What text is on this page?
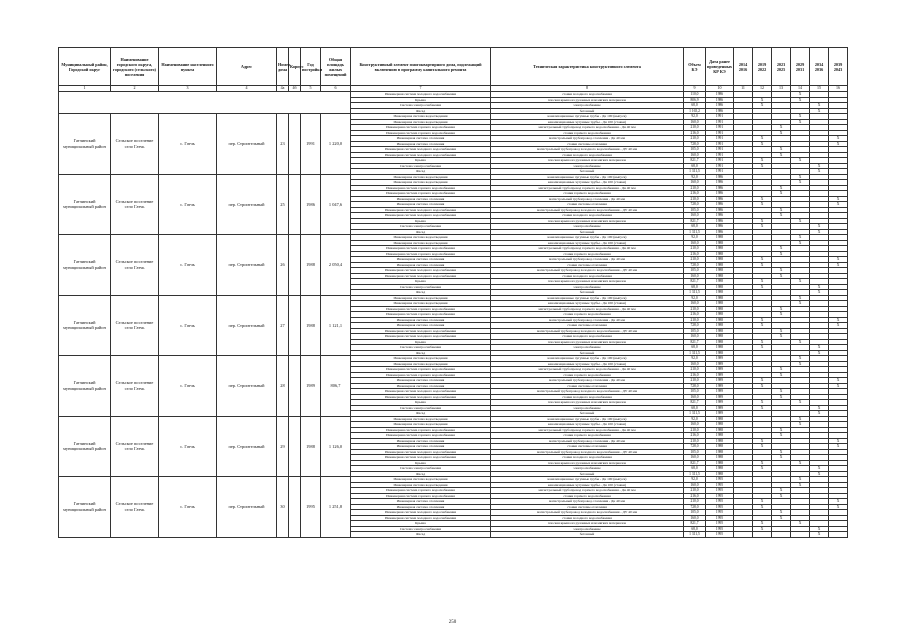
Муниципальный район, Городской округ	Наименование городского округа, городского (сельского) поселения	Наименование населенного пункта	Адрес	Номер дома	Корпус	Год постройки	Общая площадь жилых помещений	Конструктивный элемент многоквартирного дома, подлежащий включению в программу капитального ремонта	Техническая характеристика конструктивного элемента	Объем КЭ	Дата ранее проведенных КР КЭ	2014 2016	2019 2022	2023 2025	2029 2031	2034 2036	2039 2043
1	2	3	4	4а	4б	5	6	7	8	9	10	11	12	13	14	15	16
								Инженерная система холодного водоснабжения	стояки холодного водоснабжения	110,0	1986				X		
								Крыша	плоская крыша из рулонных или мягких материалов	806,9	1986		X		X		
								Система электроснабжения	электроснабжение	68,0	1986		X			X	
								Фасад	бетонный	1 165,2	1986					X	
Гатчинский муниципальный район	Сельское поселение село Гатчь	с. Гатчь	пер. Строительный	23		1991	1 220,0	Инженерная система водоотведения	канализационные чугунные трубы - Дн 100 (выпуск)	92,0	1991				X		
								Инженерная система водоотведения	канализационные чугунные трубы - Дн 100 (стояки)	160,0	1991				X		
								Инженерная система горячего водоснабжения	магистральный трубопровод горячего водоснабжения - Дн 40 мм	210,0	1991			X			
								Инженерная система горячего водоснабжения	стояки горячего водоснабжения	216,0	1991			X			
								Инженерная система отопления	магистральный трубопровод отопления - Дн 40 мм	210,0	1991		X				X
								Инженерная система отопления	стояки системы отопления	728,0	1991		X				X
								Инженерная система холодного водоснабжения	магистральный трубопровод холодного водоснабжения - ДУ 40 мм	105,0	1991			X			
								Инженерная система холодного водоснабжения	стояки холодного водоснабжения	160,0	1991			X			
								Крыша	плоская крыша из рулонных или мягких материалов	821,7	1991		X		X		
								Система электроснабжения	электроснабжение	68,0	1991		X			X	
								Фасад	бетонный	1 311,5	1991					X	
Гатчинский муниципальный район	Сельское поселение село Гатчь	с. Гатчь	пер. Строительный	25		1986	1 047,6	Инженерная система водоотведения	канализационные чугунные трубы - Дн 100 (выпуск)	92,0	1986				X		
								Инженерная система водоотведения	канализационные чугунные трубы - Дн 100 (стояки)	160,0	1986				X		
								Инженерная система горячего водоснабжения	магистральный трубопровод горячего водоснабжения - Дн 40 мм	210,0	1986			X			
								Инженерная система горячего водоснабжения	стояки горячего водоснабжения	216,0	1986			X			
								Инженерная система отопления	магистральный трубопровод отопления - Дн 40 мм	210,0	1986		X				X
								Инженерная система отопления	стояки системы отопления	728,0	1986		X				X
								Инженерная система холодного водоснабжения	магистральный трубопровод холодного водоснабжения - ДУ 40 мм	105,0	1986			X			
								Инженерная система холодного водоснабжения	стояки холодного водоснабжения	160,0	1986			X			
								Крыша	плоская крыша из рулонных или мягких материалов	821,7	1986		X		X		
								Система электроснабжения	электроснабжение	68,0	1986		X			X	
								Фасад	бетонный	1 311,5	1986					X	
Гатчинский муниципальный район	Сельское поселение село Гатчь	с. Гатчь	пер. Строительный	26		1988	2 050,4	Инженерная система водоотведения	канализационные чугунные трубы - Дн 100 (выпуск)	92,0	1988				X		
								Инженерная система водоотведения	канализационные чугунные трубы - Дн 100 (стояки)	160,0	1988				X		
								Инженерная система горячего водоснабжения	магистральный трубопровод горячего водоснабжения - Дн 40 мм	210,0	1988			X			
								Инженерная система горячего водоснабжения	стояки горячего водоснабжения	216,0	1988			X			
								Инженерная система отопления	магистральный трубопровод отопления - Дн 40 мм	210,0	1988		X				X
								Инженерная система отопления	стояки системы отопления	728,0	1988		X				X
								Инженерная система холодного водоснабжения	магистральный трубопровод холодного водоснабжения - ДУ 40 мм	105,0	1988			X			
								Инженерная система холодного водоснабжения	стояки холодного водоснабжения	160,0	1988			X			
								Крыша	плоская крыша из рулонных или мягких материалов	821,7	1988		X		X		
								Система электроснабжения	электроснабжение	68,0	1988		X			X	
								Фасад	бетонный	1 311,5	1988					X	
Гатчинский муниципальный район	Сельское поселение село Гатчь	с. Гатчь	пер. Строительный	27		1988	1 121,1	Инженерная система водоотведения	канализационные чугунные трубы - Дн 100 (выпуск)	92,0	1988				X		
								Инженерная система водоотведения	канализационные чугунные трубы - Дн 100 (стояки)	160,0	1988				X		
								Инженерная система горячего водоснабжения	магистральный трубопровод горячего водоснабжения - Дн 40 мм	210,0	1988			X			
								Инженерная система горячего водоснабжения	стояки горячего водоснабжения	216,0	1988			X			
								Инженерная система отопления	магистральный трубопровод отопления - Дн 40 мм	210,0	1988		X				X
								Инженерная система отопления	стояки системы отопления	728,0	1988		X				X
								Инженерная система холодного водоснабжения	магистральный трубопровод холодного водоснабжения - ДУ 40 мм	105,0	1988			X			
								Инженерная система холодного водоснабжения	стояки холодного водоснабжения	160,0	1988			X			
								Крыша	плоская крыша из рулонных или мягких материалов	821,7	1988		X		X		
								Система электроснабжения	электроснабжение	68,0	1988		X			X	
								Фасад	бетонный	1 311,5	1988					X	
Гатчинский муниципальный район	Сельское поселение село Гатчь	с. Гатчь	пер. Строительный	28		1989	806,7	Инженерная система водоотведения	канализационные чугунные трубы - Дн 100 (выпуск)	92,0	1989				X		
								Инженерная система водоотведения	канализационные чугунные трубы - Дн 100 (стояки)	160,0	1989				X		
								Инженерная система горячего водоснабжения	магистральный трубопровод горячего водоснабжения - Дн 40 мм	210,0	1989			X			
								Инженерная система горячего водоснабжения	стояки горячего водоснабжения	216,0	1989			X			
								Инженерная система отопления	магистральный трубопровод отопления - Дн 40 мм	210,0	1989		X				X
								Инженерная система отопления	стояки системы отопления	728,0	1989		X				X
								Инженерная система холодного водоснабжения	магистральный трубопровод холодного водоснабжения - ДУ 40 мм	105,0	1989			X			
								Инженерная система холодного водоснабжения	стояки холодного водоснабжения	160,0	1989			X			
								Крыша	плоская крыша из рулонных или мягких материалов	821,7	1989		X		X		
								Система электроснабжения	электроснабжение	68,0	1989		X			X	
								Фасад	бетонный	1 311,5	1989					X	
Гатчинский муниципальный район	Сельское поселение село Гатчь	с. Гатчь	пер. Строительный	29		1988	1 126,0	Инженерная система водоотведения	канализационные чугунные трубы - Дн 100 (выпуск)	92,0	1988				X		
								Инженерная система водоотведения	канализационные чугунные трубы - Дн 100 (стояки)	160,0	1988				X		
								Инженерная система горячего водоснабжения	магистральный трубопровод горячего водоснабжения - Дн 40 мм	210,0	1988			X			
								Инженерная система горячего водоснабжения	стояки горячего водоснабжения	216,0	1988			X			
								Инженерная система отопления	магистральный трубопровод отопления - Дн 40 мм	210,0	1988		X				X
								Инженерная система отопления	стояки системы отопления	728,0	1988		X				X
								Инженерная система холодного водоснабжения	магистральный трубопровод холодного водоснабжения - ДУ 40 мм	105,0	1988			X			
								Инженерная система холодного водоснабжения	стояки холодного водоснабжения	160,0	1988			X			
								Крыша	плоская крыша из рулонных или мягких материалов	821,7	1988		X		X		
								Система электроснабжения	электроснабжение	68,0	1988		X			X	
								Фасад	бетонный	1 311,5	1988					X	
Гатчинский муниципальный район	Сельское поселение село Гатчь	с. Гатчь	пер. Строительный	30		1995	1 251,8	Инженерная система водоотведения	канализационные чугунные трубы - Дн 100 (выпуск)	92,0	1995				X		
								Инженерная система водоотведения	канализационные чугунные трубы - Дн 100 (стояки)	160,0	1995				X		
								Инженерная система горячего водоснабжения	магистральный трубопровод горячего водоснабжения - Дн 40 мм	210,0	1995			X			
								Инженерная система горячего водоснабжения	стояки горячего водоснабжения	216,0	1995			X			
								Инженерная система отопления	магистральный трубопровод отопления - Дн 40 мм	210,0	1995		X				X
								Инженерная система отопления	стояки системы отопления	728,0	1995		X				X
								Инженерная система холодного водоснабжения	магистральный трубопровод холодного водоснабжения - ДУ 40 мм	105,0	1995			X			
								Инженерная система холодного водоснабжения	стояки холодного водоснабжения	160,0	1995			X			
								Крыша	плоская крыша из рулонных или мягких материалов	821,7	1995		X		X		
								Система электроснабжения	электроснабжение	68,0	1995		X			X	
								Фасад	бетонный	1 311,5	1995					X	
250
